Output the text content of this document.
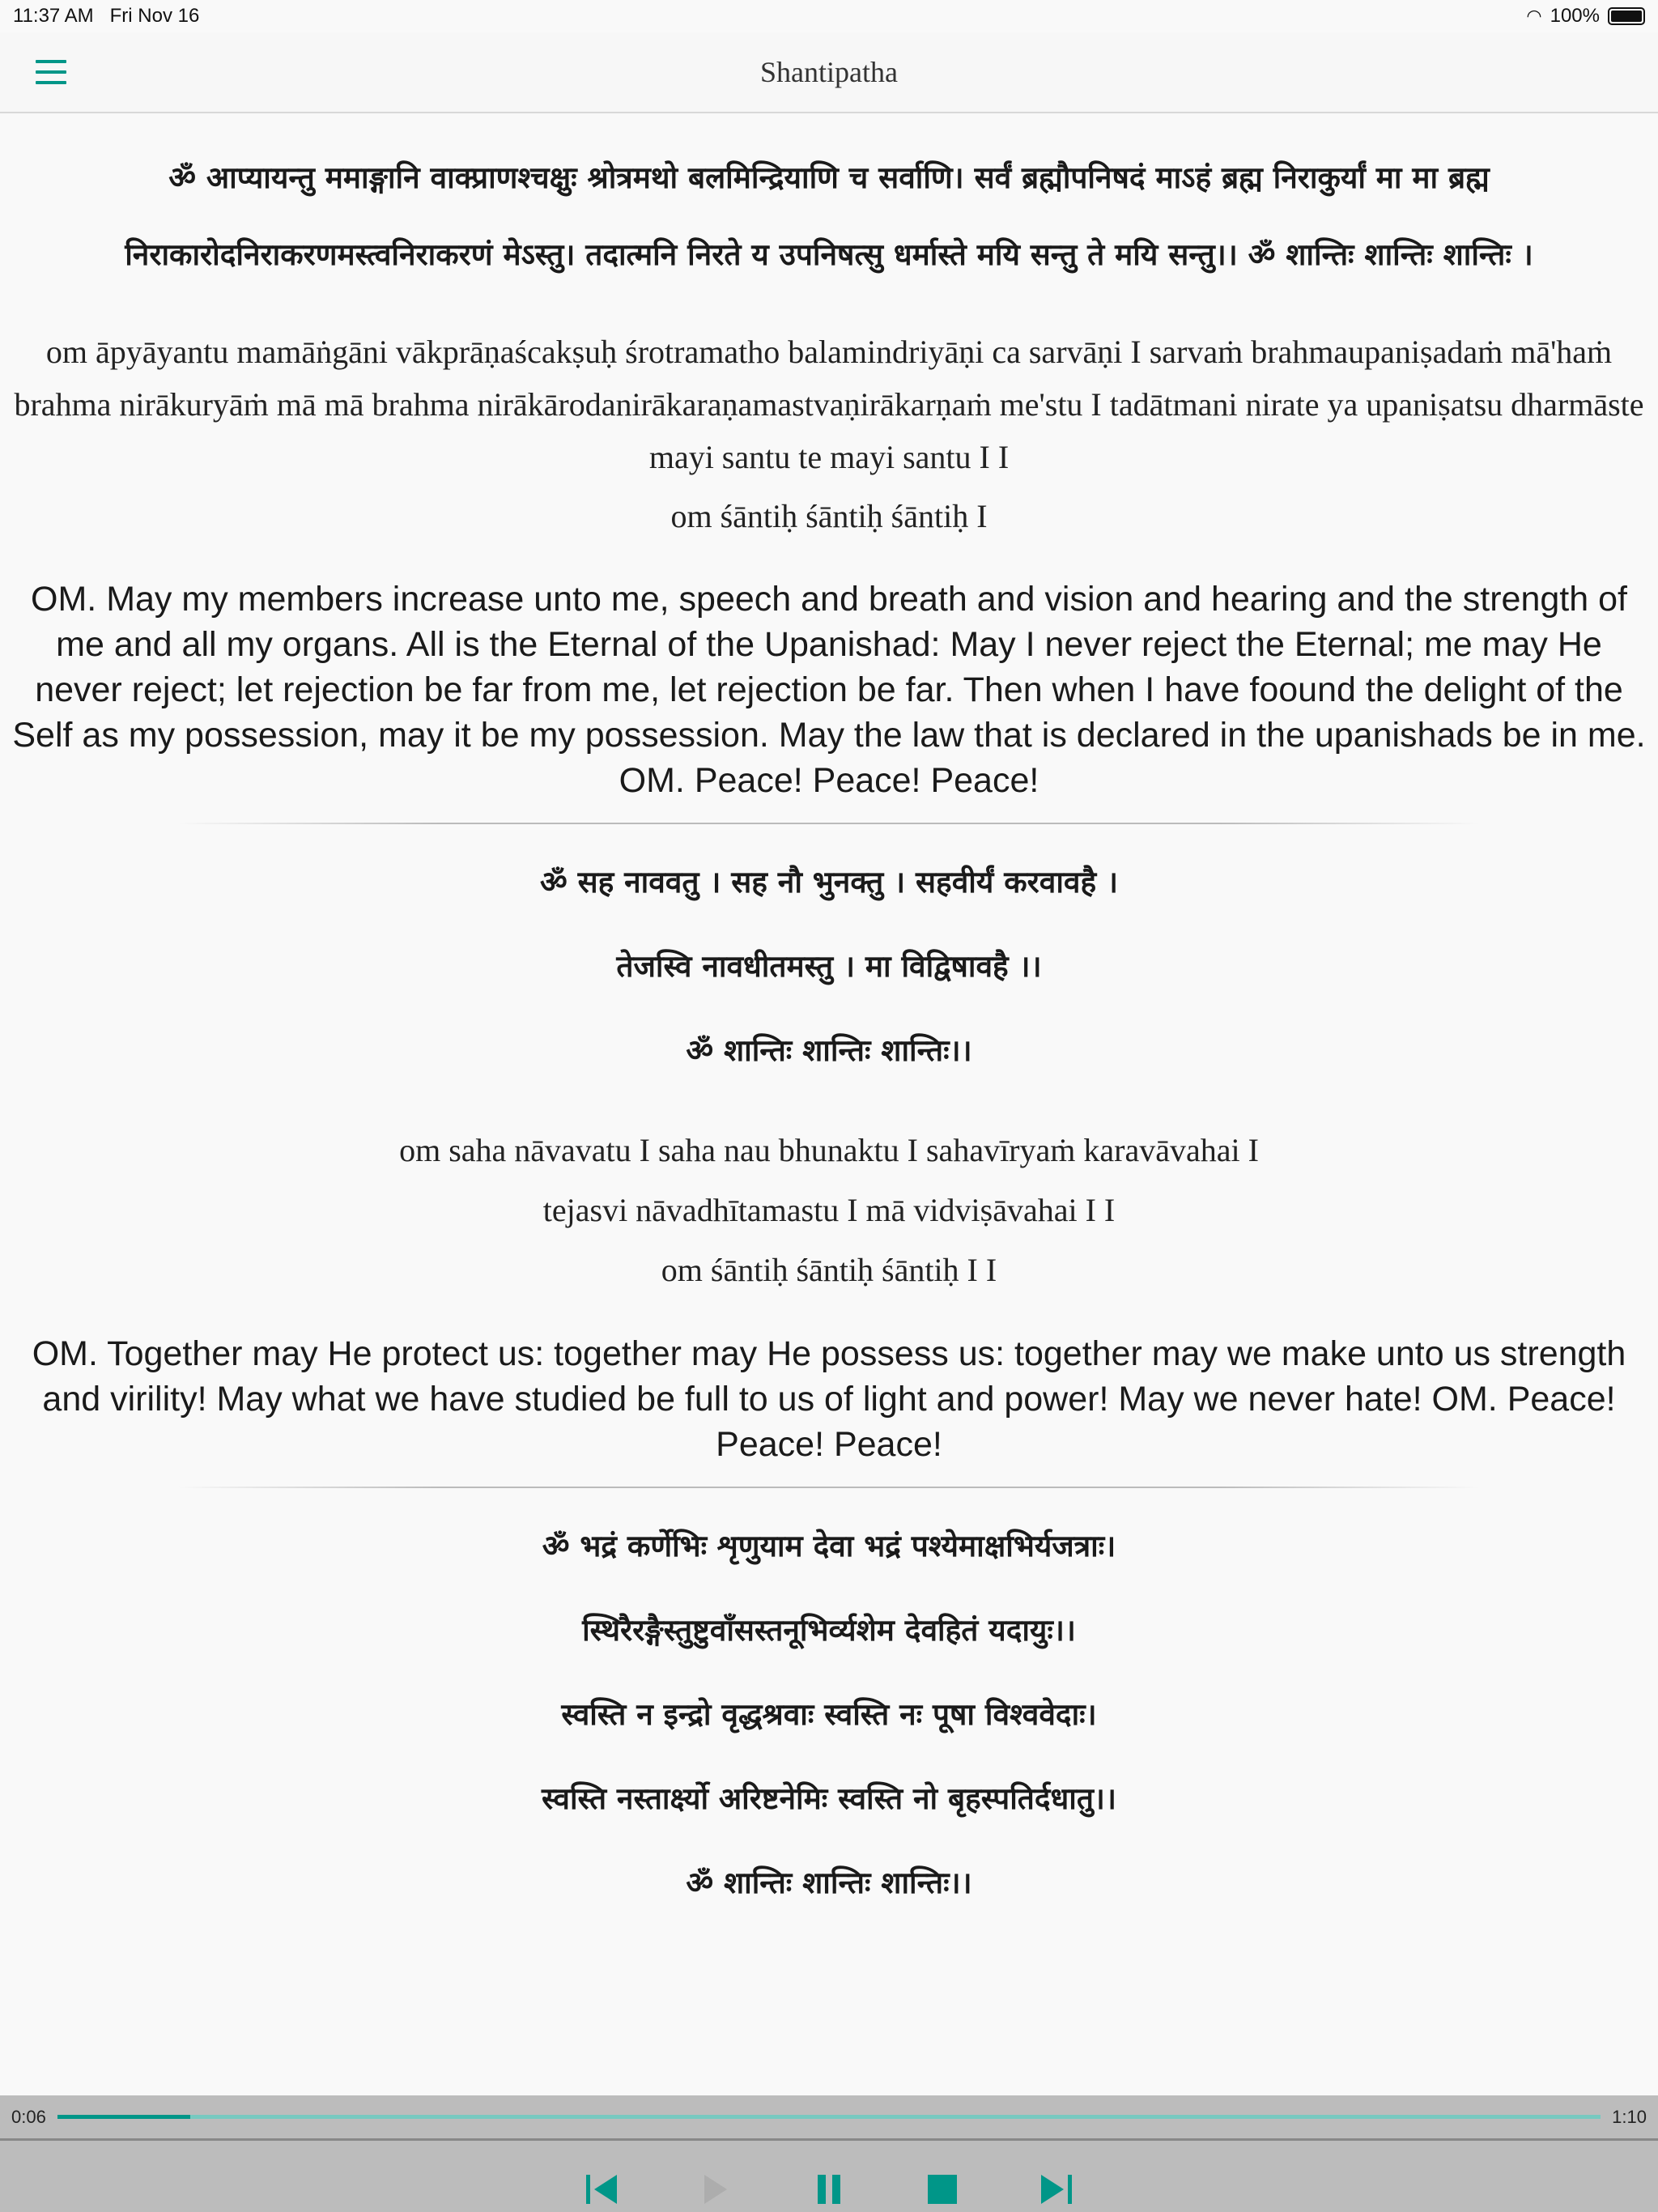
11:37 AM Fri Nov 16	◠ 100%
Shantipatha
ॐ आप्यायन्तु ममाङ्गानि वाक्प्राणश्चक्षुः श्रोत्रमथो बलमिन्द्रियाणि च सर्वाणि। सर्वं ब्रह्मौपनिषदं माऽहं ब्रह्म निराकुर्यां मा मा ब्रह्म निराकारोदनिराकरणमस्त्वनिराकरणं मेऽस्तु। तदात्मनि निरते य उपनिषत्सु धर्मास्ते मयि सन्तु ते मयि सन्तु।। ॐ शान्तिः शान्तिः शान्तिः ।
om āpyāyantu mamāṅgāni vākprāṇaścakṣuḥ śrotramatho balamindriyāṇi ca sarvāṇi I sarvaṁ brahmaupaniṣadaṁ mā'haṁ brahma nirākuryāṁ mā mā brahma nirākārodanirākaraṇamastvaṇirākarṇaṁ me'stu I tadātmani nirate ya upaniṣatsu dharmāste mayi santu te mayi santu I I
om śāntiḥ śāntiḥ śāntiḥ I
OM. May my members increase unto me, speech and breath and vision and hearing and the strength of me and all my organs. All is the Eternal of the Upanishad: May I never reject the Eternal; me may He never reject; let rejection be far from me, let rejection be far. Then when I have foound the delight of the Self as my possession, may it be my possession. May the law that is declared in the upanishads be in me. OM. Peace! Peace! Peace!
ॐ सह नाववतु । सह नौ भुनक्तु । सहवीर्यं करवावहै ।
तेजस्वि नावधीतमस्तु । मा विद्विषावहै ।।
ॐ शान्तिः शान्तिः शान्तिः।।
om saha nāvavatu I saha nau bhunaktu I sahavīryaṁ karavāvahai I
tejasvi nāvadhītamastu I mā vidviṣāvahai I I
om śāntiḥ śāntiḥ śāntiḥ I I
OM. Together may He protect us: together may He possess us: together may we make unto us strength and virility! May what we have studied be full to us of light and power! May we never hate! OM. Peace! Peace! Peace!
ॐ भद्रं कर्णेभिः शृणुयाम देवा भद्रं पश्येमाक्षभिर्यजत्राः।
स्थिरैरङ्गैस्तुष्टुवाँसस्तनूभिर्व्यशेम देवहितं यदायुः।।
स्वस्ति न इन्द्रो वृद्धश्रवाः स्वस्ति नः पूषा विश्ववेदाः।
स्वस्ति नस्तार्क्ष्यो अरिष्टनेमिः स्वस्ति नो बृहस्पतिर्दधातु।।
ॐ शान्तिः शान्तिः शान्तिः।।
0:06	1:10
